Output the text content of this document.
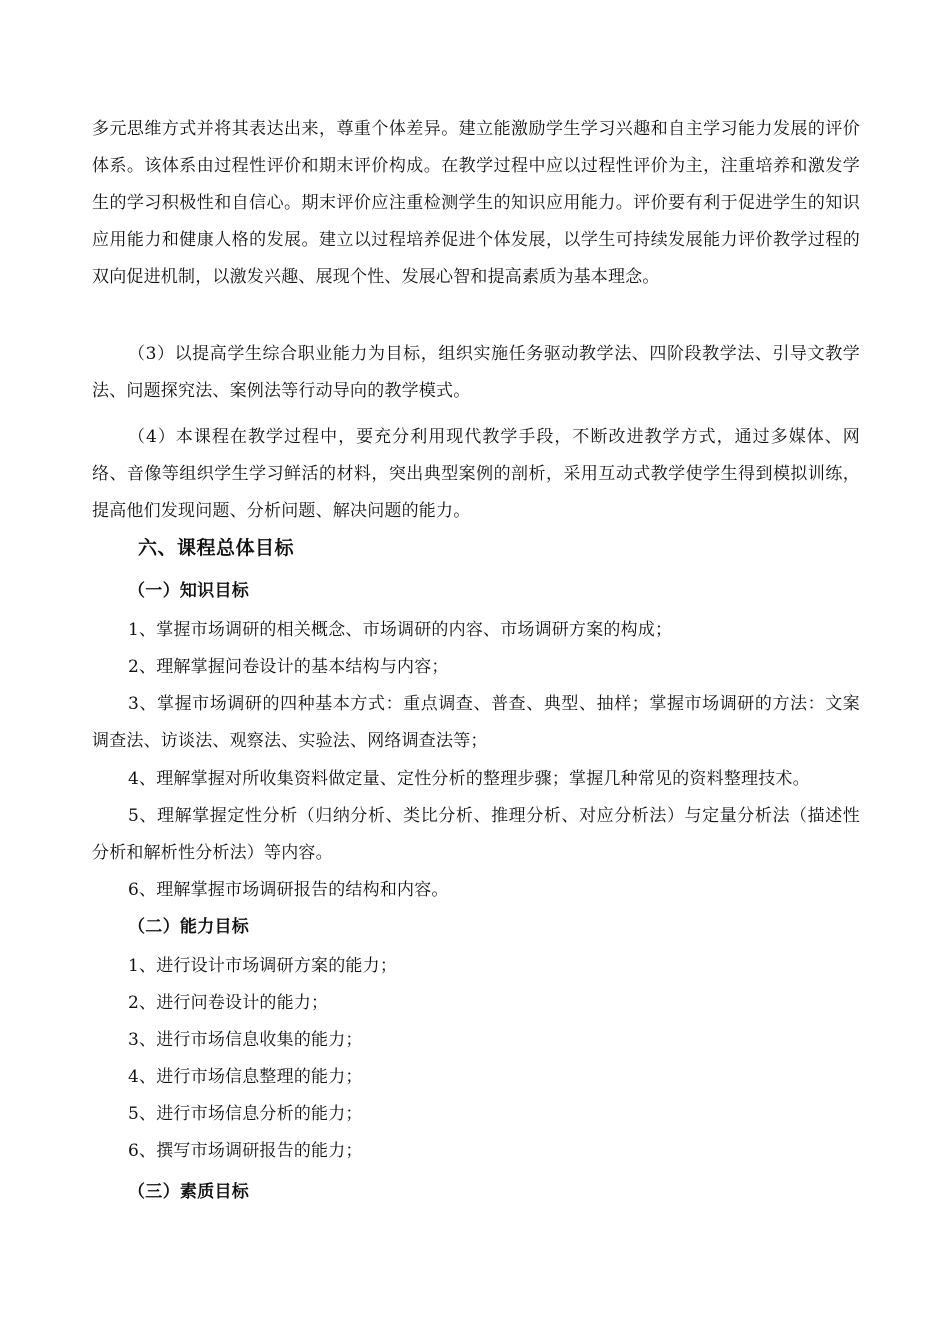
多元思维方式并将其表达出来，尊重个体差异。建立能激励学生学习兴趣和自主学习能力发展的评价体系。该体系由过程性评价和期末评价构成。在教学过程中应以过程性评价为主，注重培养和激发学生的学习积极性和自信心。期末评价应注重检测学生的知识应用能力。评价要有利于促进学生的知识应用能力和健康人格的发展。建立以过程培养促进个体发展，以学生可持续发展能力评价教学过程的双向促进机制，以激发兴趣、展现个性、发展心智和提高素质为基本理念。

（3）以提高学生综合职业能力为目标，组织实施任务驱动教学法、四阶段教学法、引导文教学法、问题探究法、案例法等行动导向的教学模式。

（4）本课程在教学过程中，要充分利用现代教学手段，不断改进教学方式，通过多媒体、网络、音像等组织学生学习鲜活的材料，突出典型案例的剖析，采用互动式教学使学生得到模拟训练，提高他们发现问题、分析问题、解决问题的能力。

六、课程总体目标
（一）知识目标

1、掌握市场调研的相关概念、市场调研的内容、市场调研方案的构成；

2、理解掌握问卷设计的基本结构与内容；

3、掌握市场调研的四种基本方式：重点调查、普查、典型、抽样；掌握市场调研的方法：文案调查法、访谈法、观察法、实验法、网络调查法等；

4、理解掌握对所收集资料做定量、定性分析的整理步骤；掌握几种常见的资料整理技术。

5、理解掌握定性分析（归纳分析、类比分析、推理分析、对应分析法）与定量分析法（描述性分析和解析性分析法）等内容。

6、理解掌握市场调研报告的结构和内容。

（二）能力目标

1、进行设计市场调研方案的能力；

2、进行问卷设计的能力；

3、进行市场信息收集的能力；

4、进行市场信息整理的能力；

5、进行市场信息分析的能力；

6、撰写市场调研报告的能力；

（三）素质目标
